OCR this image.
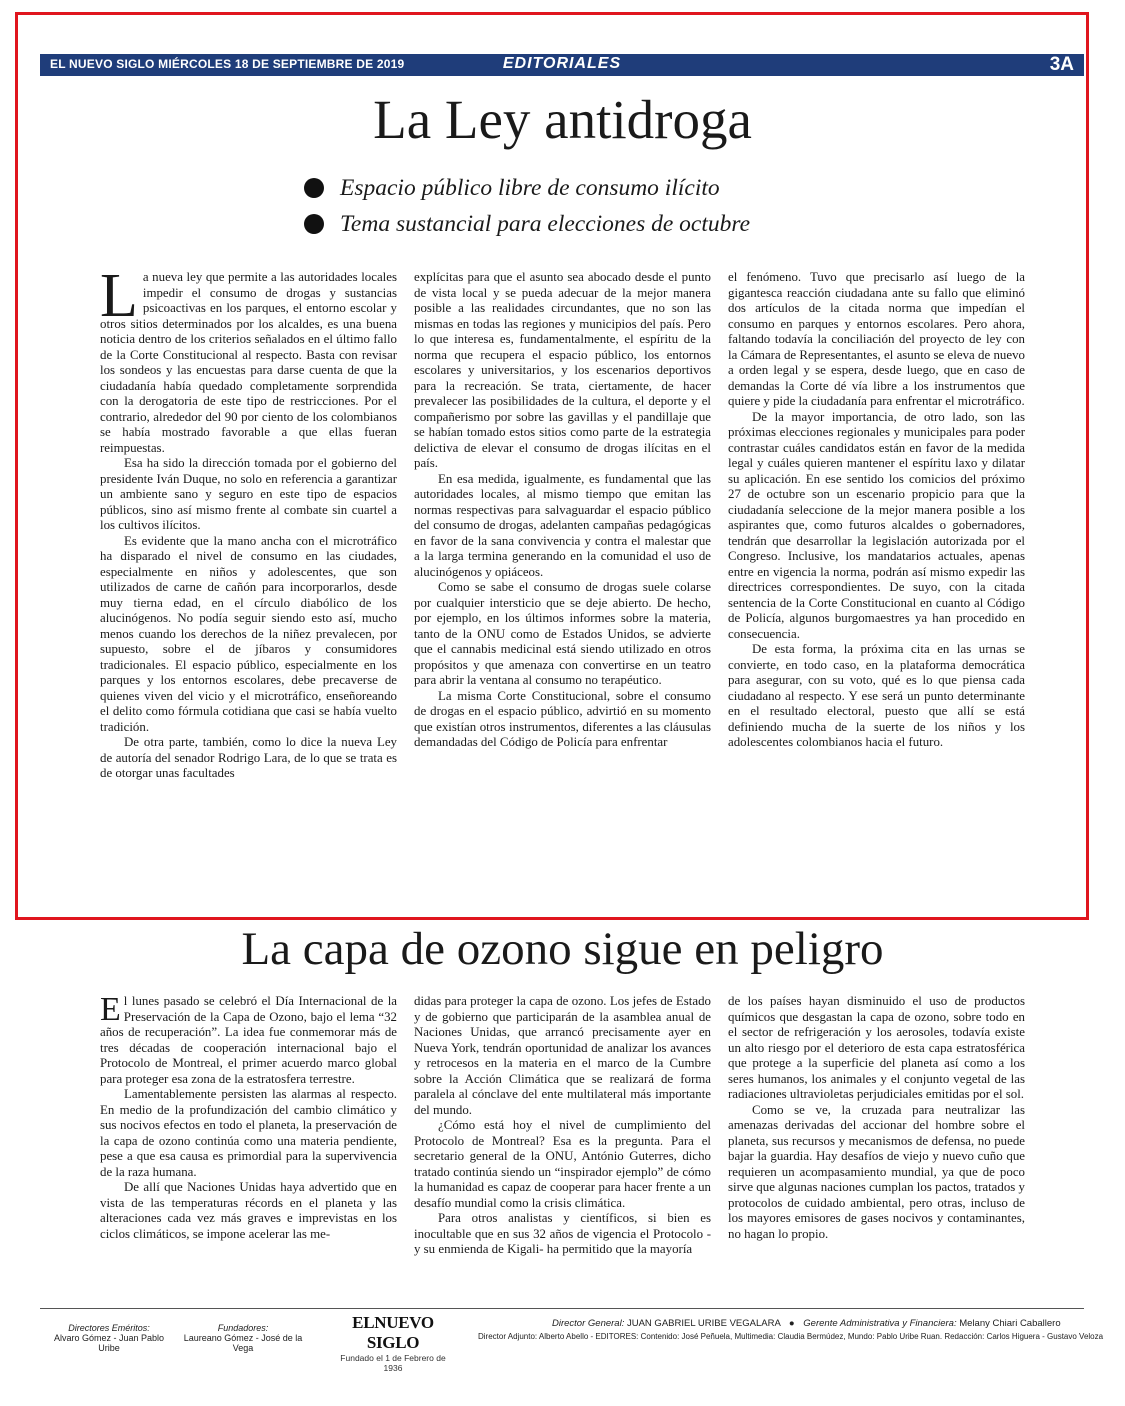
EL NUEVO SIGLO MIÉRCOLES 18 DE SEPTIEMBRE DE 2019	EDITORIALES	3A
La Ley antidroga
Espacio público libre de consumo ilícito
Tema sustancial para elecciones de octubre

La nueva ley que permite a las autoridades locales impedir el consumo de drogas y sustancias psicoactivas en los parques, el entorno escolar y otros sitios determinados por los alcaldes, es una buena noticia dentro de los criterios señalados en el último fallo de la Corte Constitucional al respecto. Basta con revisar los sondeos y las encuestas para darse cuenta de que la ciudadanía había quedado completamente sorprendida con la derogatoria de este tipo de restricciones. Por el contrario, alrededor del 90 por ciento de los colombianos se había mostrado favorable a que ellas fueran reimpuestas.

Esa ha sido la dirección tomada por el gobierno del presidente Iván Duque, no solo en referencia a garantizar un ambiente sano y seguro en este tipo de espacios públicos, sino así mismo frente al combate sin cuartel a los cultivos ilícitos.

Es evidente que la mano ancha con el microtráfico ha disparado el nivel de consumo en las ciudades, especialmente en niños y adolescentes, que son utilizados de carne de cañón para incorporarlos, desde muy tierna edad, en el círculo diabólico de los alucinógenos. No podía seguir siendo esto así, mucho menos cuando los derechos de la niñez prevalecen, por supuesto, sobre el de jíbaros y consumidores tradicionales. El espacio público, especialmente en los parques y los entornos escolares, debe precaverse de quienes viven del vicio y el microtráfico, enseñoreando el delito como fórmula cotidiana que casi se había vuelto tradición.

De otra parte, también, como lo dice la nueva Ley de autoría del senador Rodrigo Lara, de lo que se trata es de otorgar unas facultades

explícitas para que el asunto sea abocado desde el punto de vista local y se pueda adecuar de la mejor manera posible a las realidades circundantes, que no son las mismas en todas las regiones y municipios del país. Pero lo que interesa es, fundamentalmente, el espíritu de la norma que recupera el espacio público, los entornos escolares y universitarios, y los escenarios deportivos para la recreación. Se trata, ciertamente, de hacer prevalecer las posibilidades de la cultura, el deporte y el compañerismo por sobre las gavillas y el pandillaje que se habían tomado estos sitios como parte de la estrategia delictiva de elevar el consumo de drogas ilícitas en el país.

En esa medida, igualmente, es fundamental que las autoridades locales, al mismo tiempo que emitan las normas respectivas para salvaguardar el espacio público del consumo de drogas, adelanten campañas pedagógicas en favor de la sana convivencia y contra el malestar que a la larga termina generando en la comunidad el uso de alucinógenos y opiáceos.

Como se sabe el consumo de drogas suele colarse por cualquier intersticio que se deje abierto. De hecho, por ejemplo, en los últimos informes sobre la materia, tanto de la ONU como de Estados Unidos, se advierte que el cannabis medicinal está siendo utilizado en otros propósitos y que amenaza con convertirse en un teatro para abrir la ventana al consumo no terapéutico.

La misma Corte Constitucional, sobre el consumo de drogas en el espacio público, advirtió en su momento que existían otros instrumentos, diferentes a las cláusulas demandadas del Código de Policía para enfrentar

el fenómeno. Tuvo que precisarlo así luego de la gigantesca reacción ciudadana ante su fallo que eliminó dos artículos de la citada norma que impedían el consumo en parques y entornos escolares. Pero ahora, faltando todavía la conciliación del proyecto de ley con la Cámara de Representantes, el asunto se eleva de nuevo a orden legal y se espera, desde luego, que en caso de demandas la Corte dé vía libre a los instrumentos que quiere y pide la ciudadanía para enfrentar el microtráfico.

De la mayor importancia, de otro lado, son las próximas elecciones regionales y municipales para poder contrastar cuáles candidatos están en favor de la medida legal y cuáles quieren mantener el espíritu laxo y dilatar su aplicación. En ese sentido los comicios del próximo 27 de octubre son un escenario propicio para que la ciudadanía seleccione de la mejor manera posible a los aspirantes que, como futuros alcaldes o gobernadores, tendrán que desarrollar la legislación autorizada por el Congreso. Inclusive, los mandatarios actuales, apenas entre en vigencia la norma, podrán así mismo expedir las directrices correspondientes. De suyo, con la citada sentencia de la Corte Constitucional en cuanto al Código de Policía, algunos burgomaestres ya han procedido en consecuencia.

De esta forma, la próxima cita en las urnas se convierte, en todo caso, en la plataforma democrática para asegurar, con su voto, qué es lo que piensa cada ciudadano al respecto. Y ese será un punto determinante en el resultado electoral, puesto que allí se está definiendo mucha de la suerte de los niños y los adolescentes colombianos hacia el futuro.

La capa de ozono sigue en peligro

El lunes pasado se celebró el Día Internacional de la Preservación de la Capa de Ozono, bajo el lema “32 años de recuperación”. La idea fue conmemorar más de tres décadas de cooperación internacional bajo el Protocolo de Montreal, el primer acuerdo marco global para proteger esa zona de la estratosfera terrestre.

Lamentablemente persisten las alarmas al respecto. En medio de la profundización del cambio climático y sus nocivos efectos en todo el planeta, la preservación de la capa de ozono continúa como una materia pendiente, pese a que esa causa es primordial para la supervivencia de la raza humana.

De allí que Naciones Unidas haya advertido que en vista de las temperaturas récords en el planeta y las alteraciones cada vez más graves e imprevistas en los ciclos climáticos, se impone acelerar las me-

didas para proteger la capa de ozono. Los jefes de Estado y de gobierno que participarán de la asamblea anual de Naciones Unidas, que arrancó precisamente ayer en Nueva York, tendrán oportunidad de analizar los avances y retrocesos en la materia en el marco de la Cumbre sobre la Acción Climática que se realizará de forma paralela al cónclave del ente multilateral más importante del mundo.

¿Cómo está hoy el nivel de cumplimiento del Protocolo de Montreal? Esa es la pregunta. Para el secretario general de la ONU, António Guterres, dicho tratado continúa siendo un “inspirador ejemplo” de cómo la humanidad es capaz de cooperar para hacer frente a un desafío mundial como la crisis climática.

Para otros analistas y científicos, si bien es inocultable que en sus 32 años de vigencia el Protocolo -y su enmienda de Kigali- ha permitido que la mayoría

de los países hayan disminuido el uso de productos químicos que desgastan la capa de ozono, sobre todo en el sector de refrigeración y los aerosoles, todavía existe un alto riesgo por el deterioro de esta capa estratosférica que protege a la superficie del planeta así como a los seres humanos, los animales y el conjunto vegetal de las radiaciones ultravioletas perjudiciales emitidas por el sol.

Como se ve, la cruzada para neutralizar las amenazas derivadas del accionar del hombre sobre el planeta, sus recursos y mecanismos de defensa, no puede bajar la guardia. Hay desafíos de viejo y nuevo cuño que requieren un acompasamiento mundial, ya que de poco sirve que algunas naciones cumplan los pactos, tratados y protocolos de cuidado ambiental, pero otras, incluso de los mayores emisores de gases nocivos y contaminantes, no hagan lo propio.

Directores Eméritos:
Alvaro Gómez - Juan Pablo Uribe
Fundadores:
Laureano Gómez - José de la Vega
ELNUEVO SIGLO
Fundado el 1 de Febrero de 1936
Director General: JUAN GABRIEL URIBE VEGALARA ● Gerente Administrativa y Financiera: Melany Chiari Caballero
Director Adjunto: Alberto Abello - EDITORES: Contenido: José Peñuela, Multimedia: Claudia Bermúdez, Mundo: Pablo Uribe Ruan. Redacción: Carlos Higuera - Gustavo Veloza
